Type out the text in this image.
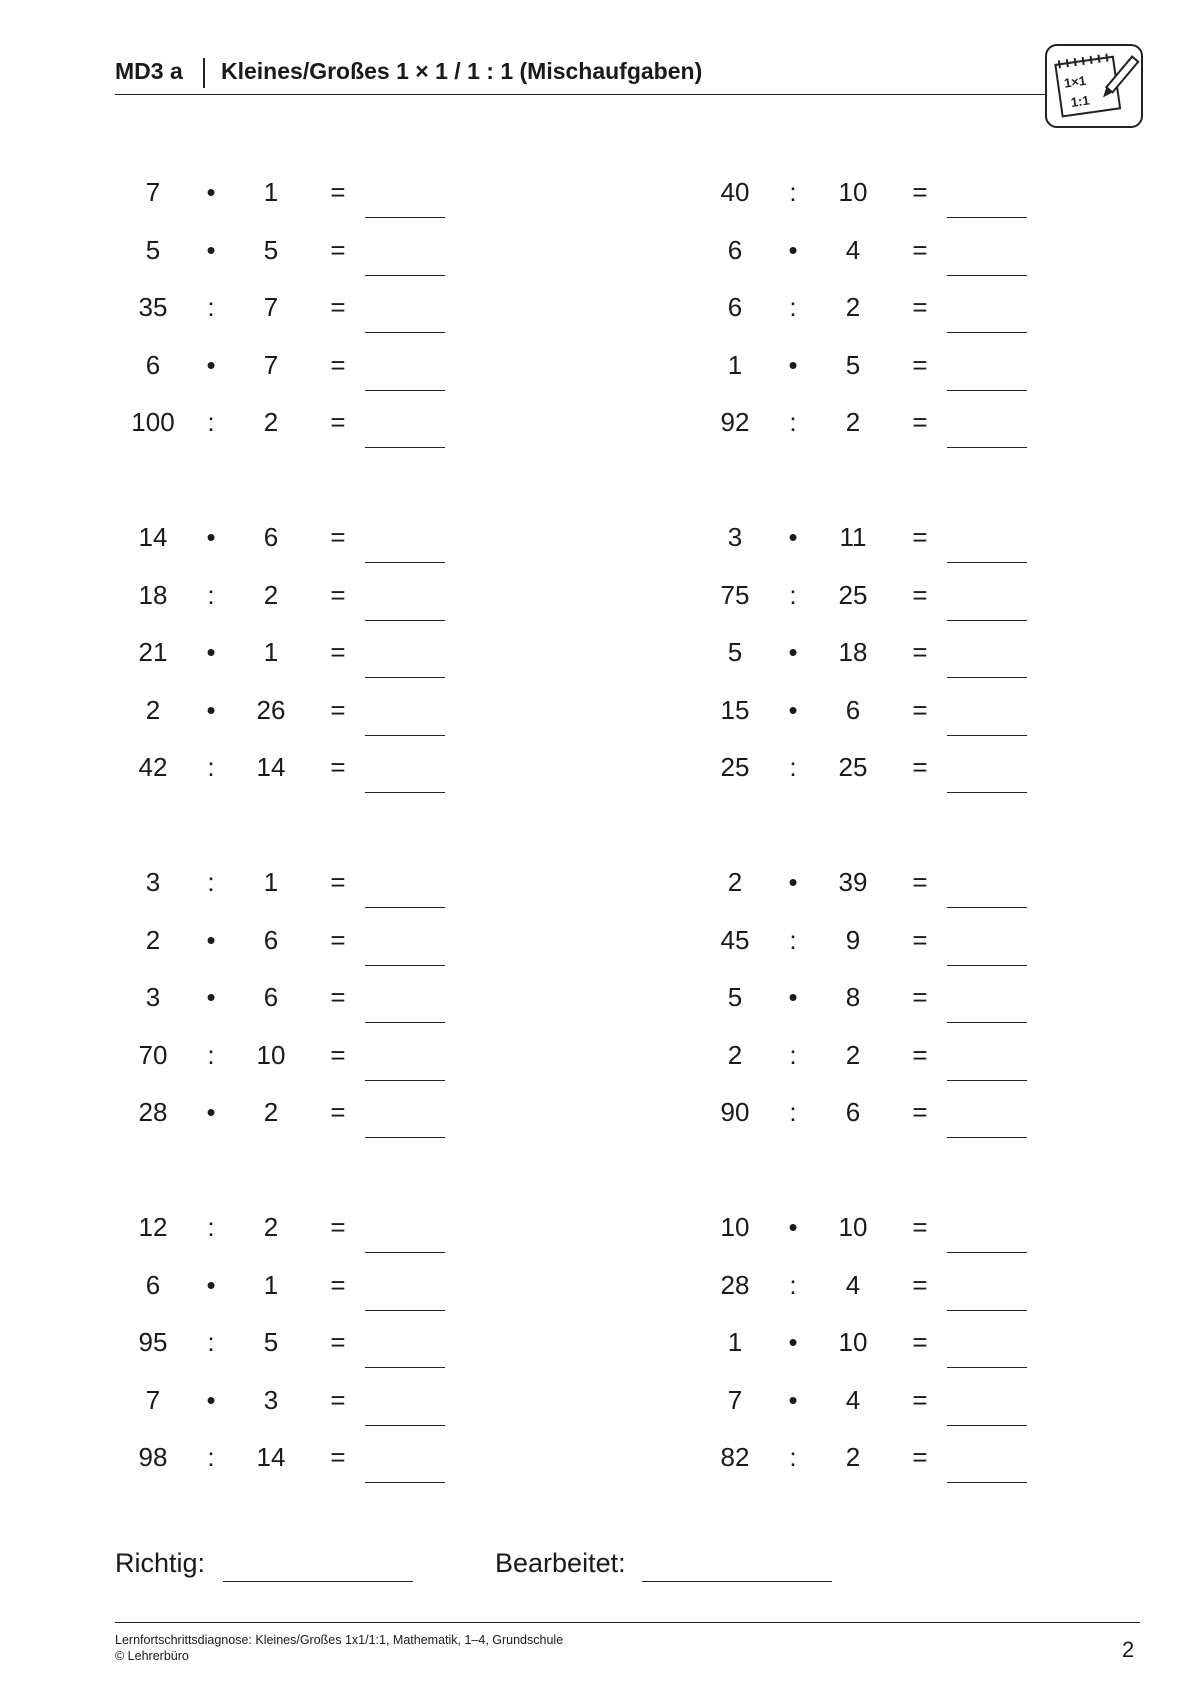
MD3 a Kleines/Großes 1 × 1 / 1 : 1 (Mischaufgaben)	1×1
1:1
7	•	1	=
5	•	5	=
35	:	7	=
6	•	7	=
100	:	2	=
14	•	6	=
18	:	2	=
21	•	1	=
2	•	26	=
42	:	14	=
3	:	1	=
2	•	6	=
3	•	6	=
70	:	10	=
28	•	2	=
12	:	2	=
6	•	1	=
95	:	5	=
7	•	3	=
98	:	14	=
40	:	10	=
6	•	4	=
6	:	2	=
1	•	5	=
92	:	2	=
3	•	11	=
75	:	25	=
5	•	18	=
15	•	6	=
25	:	25	=
2	•	39	=
45	:	9	=
5	•	8	=
2	:	2	=
90	:	6	=
10	•	10	=
28	:	4	=
1	•	10	=
7	•	4	=
82	:	2	=
Richtig:	Bearbeitet:
Lernfortschrittsdiagnose: Kleines/Großes 1x1/1:1, Mathematik, 1–4, Grundschule
© Lehrerbüro	2
